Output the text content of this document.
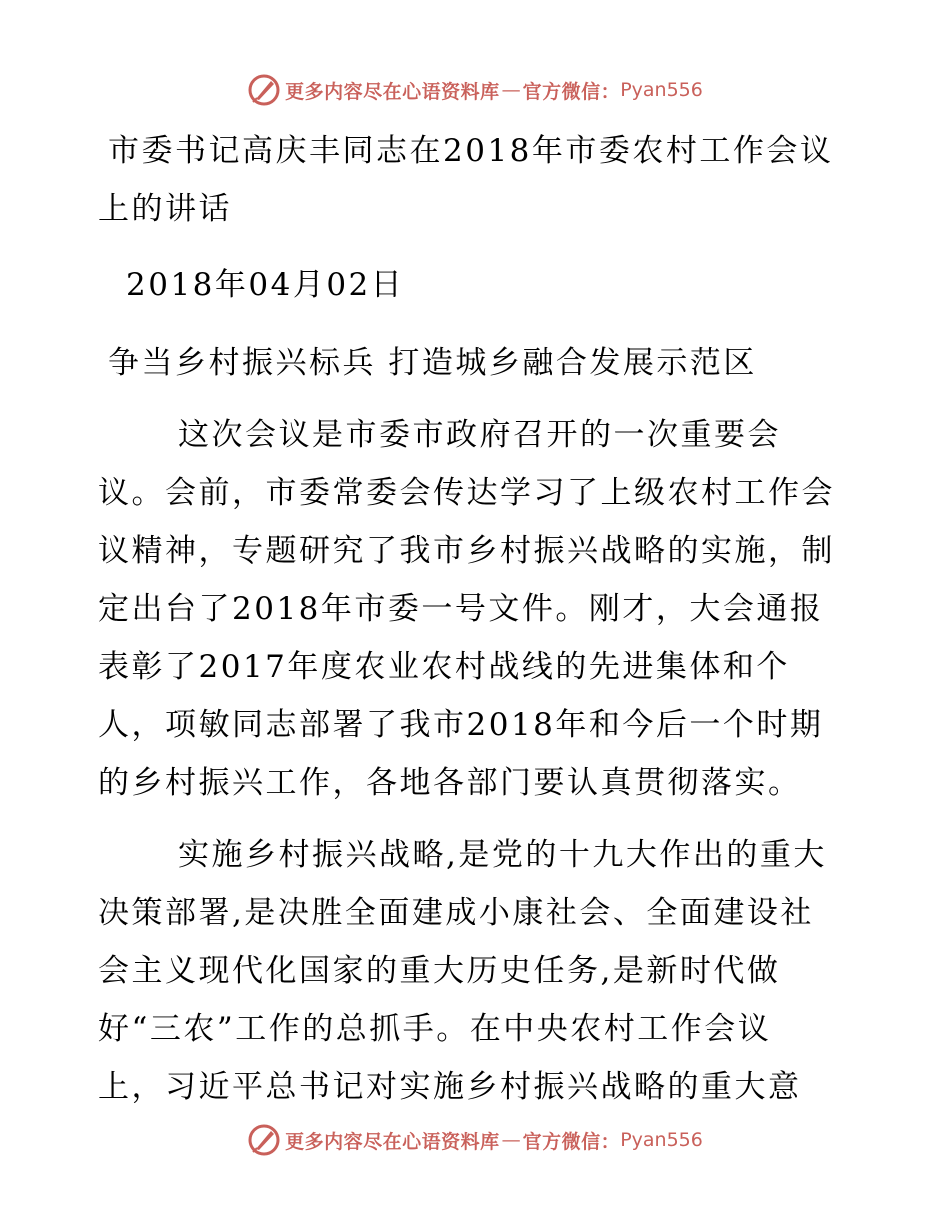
更多内容尽在心语资料库 — 官方微信： Pyan556
市委书记高庆丰同志在2018年市委农村工作会议
上的讲话
2018年04月02日
争当乡村振兴标兵 打造城乡融合发展示范区
这次会议是市委市政府召开的一次重要会
议。会前，市委常委会传达学习了上级农村工作会
议精神，专题研究了我市乡村振兴战略的实施，制
定出台了2018年市委一号文件。刚才，大会通报
表彰了2017年度农业农村战线的先进集体和个
人，项敏同志部署了我市2018年和今后一个时期
的乡村振兴工作，各地各部门要认真贯彻落实。
实施乡村振兴战略,是党的十九大作出的重大
决策部署,是决胜全面建成小康社会、全面建设社
会主义现代化国家的重大历史任务,是新时代做
好“三农”工作的总抓手。在中央农村工作会议
上，习近平总书记对实施乡村振兴战略的重大意
更多内容尽在心语资料库 — 官方微信： Pyan556
